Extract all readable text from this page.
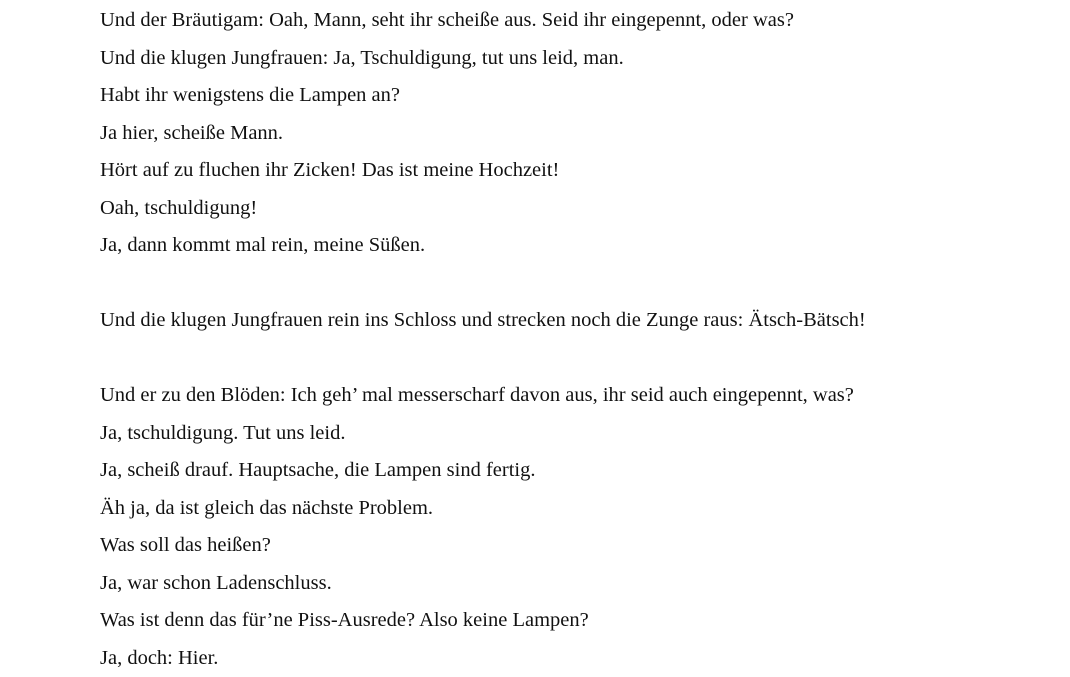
Und der Bräutigam: Oah, Mann, seht ihr scheiße aus. Seid ihr eingepennt, oder was?
Und die klugen Jungfrauen: Ja, Tschuldigung, tut uns leid, man.
Habt ihr wenigstens die Lampen an?
Ja hier, scheiße Mann.
Hört auf zu fluchen ihr Zicken! Das ist meine Hochzeit!
Oah, tschuldigung!
Ja, dann kommt mal rein, meine Süßen.
Und die klugen Jungfrauen rein ins Schloss und strecken noch die Zunge raus: Ätsch-Bätsch!
Und er zu den Blöden: Ich geh’ mal messerscharf davon aus, ihr seid auch eingepennt, was?
Ja, tschuldigung. Tut uns leid.
Ja, scheiß drauf. Hauptsache, die Lampen sind fertig.
Äh ja, da ist gleich das nächste Problem.
Was soll das heißen?
Ja, war schon Ladenschluss.
Was ist denn das für’ne Piss-Ausrede? Also keine Lampen?
Ja, doch: Hier.
